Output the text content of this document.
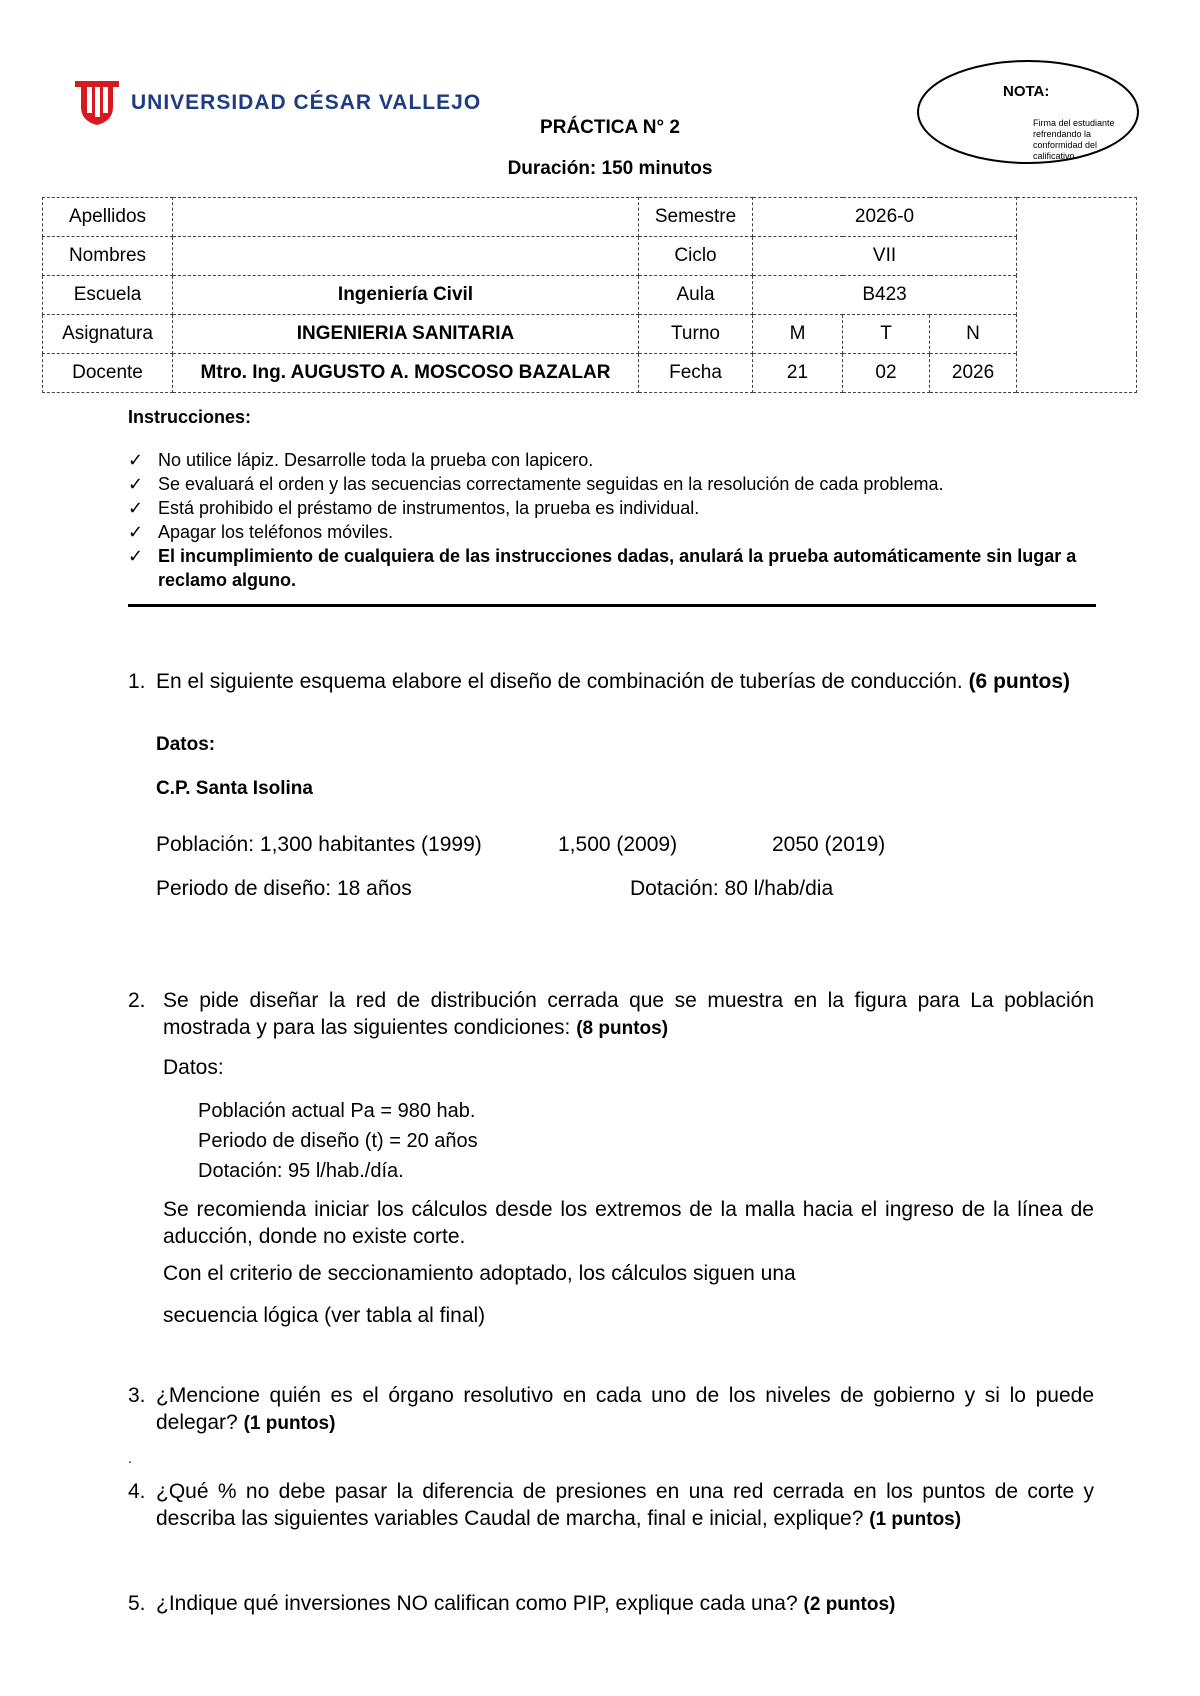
UNIVERSIDAD CÉSAR VALLEJO
PRÁCTICA N° 2
Duración: 150 minutos
NOTA:
Firma del estudiante refrendando la conformidad del calificativo
Apellidos		Semestre	2026-0			
Nombres		Ciclo	VII			
Escuela	Ingeniería Civil	Aula	B423			
Asignatura	INGENIERIA SANITARIA	Turno	M	T	N	
Docente	Mtro. Ing. AUGUSTO A. MOSCOSO BAZALAR	Fecha	21	02	2026	
Instrucciones:
✓ No utilice lápiz. Desarrolle toda la prueba con lapicero.
✓ Se evaluará el orden y las secuencias correctamente seguidas en la resolución de cada problema.
✓ Está prohibido el préstamo de instrumentos, la prueba es individual.
✓ Apagar los teléfonos móviles.
✓ El incumplimiento de cualquiera de las instrucciones dadas, anulará la prueba automáticamente sin lugar a reclamo alguno.
1. En el siguiente esquema elabore el diseño de combinación de tuberías de conducción. (6 puntos)
Datos:
C.P. Santa Isolina
Población: 1,300 habitantes (1999)	1,500 (2009)	2050 (2019)
Periodo de diseño: 18 años	Dotación: 80 l/hab/dia
2. Se pide diseñar la red de distribución cerrada que se muestra en la figura para La población mostrada y para las siguientes condiciones: (8 puntos)
Datos:
Población actual Pa = 980 hab.
Periodo de diseño (t) = 20 años
Dotación: 95 l/hab./día.
Se recomienda iniciar los cálculos desde los extremos de la malla hacia el ingreso de la línea de aducción, donde no existe corte.
Con el criterio de seccionamiento adoptado, los cálculos siguen una
secuencia lógica (ver tabla al final)
3. ¿Mencione quién es el órgano resolutivo en cada uno de los niveles de gobierno y si lo puede delegar? (1 puntos)
.
4. ¿Qué % no debe pasar la diferencia de presiones en una red cerrada en los puntos de corte y describa las siguientes variables Caudal de marcha, final e inicial, explique? (1 puntos)
5. ¿Indique qué inversiones NO califican como PIP, explique cada una? (2 puntos)
